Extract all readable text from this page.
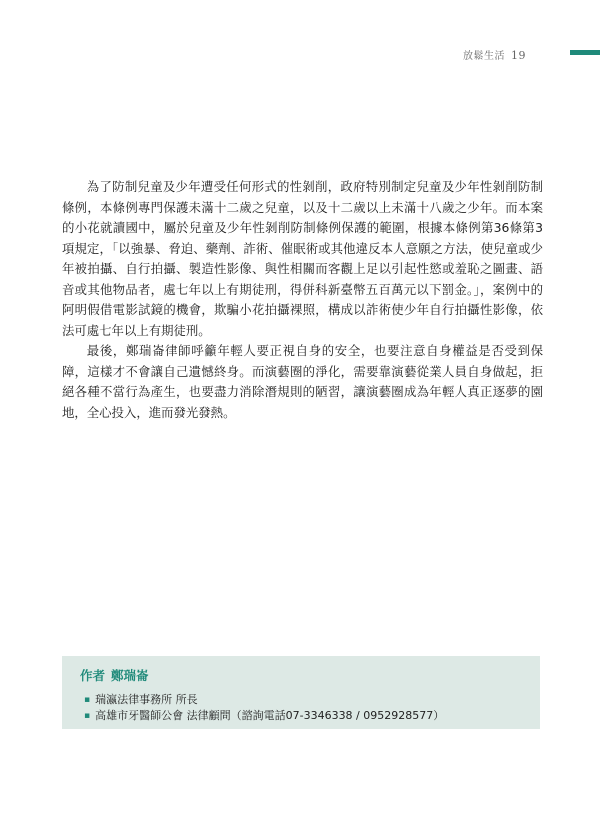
放鬆生活 19

為了防制兒童及少年遭受任何形式的性剝削，政府特別制定兒童及少年性剝削防制條例，本條例專門保護未滿十二歲之兒童，以及十二歲以上未滿十八歲之少年。而本案的小花就讀國中，屬於兒童及少年性剝削防制條例保護的範圍，根據本條例第36條第3項規定，「以強暴、脅迫、藥劑、詐術、催眠術或其他違反本人意願之方法，使兒童或少年被拍攝、自行拍攝、製造性影像、與性相關而客觀上足以引起性慾或羞恥之圖畫、語音或其他物品者，處七年以上有期徒刑，得併科新臺幣五百萬元以下罰金。」，案例中的阿明假借電影試鏡的機會，欺騙小花拍攝裸照，構成以詐術使少年自行拍攝性影像，依法可處七年以上有期徒刑。

最後，鄭瑞崙律師呼籲年輕人要正視自身的安全，也要注意自身權益是否受到保障，這樣才不會讓自己遺憾終身。而演藝圈的淨化，需要靠演藝從業人員自身做起，拒絕各種不當行為產生，也要盡力消除潛規則的陋習，讓演藝圈成為年輕人真正逐夢的園地，全心投入，進而發光發熱。

作者 鄭瑞崙
▪ 瑞瀛法律事務所 所長
▪ 高雄市牙醫師公會 法律顧問（諮詢電話07-3346338 / 0952928577）
